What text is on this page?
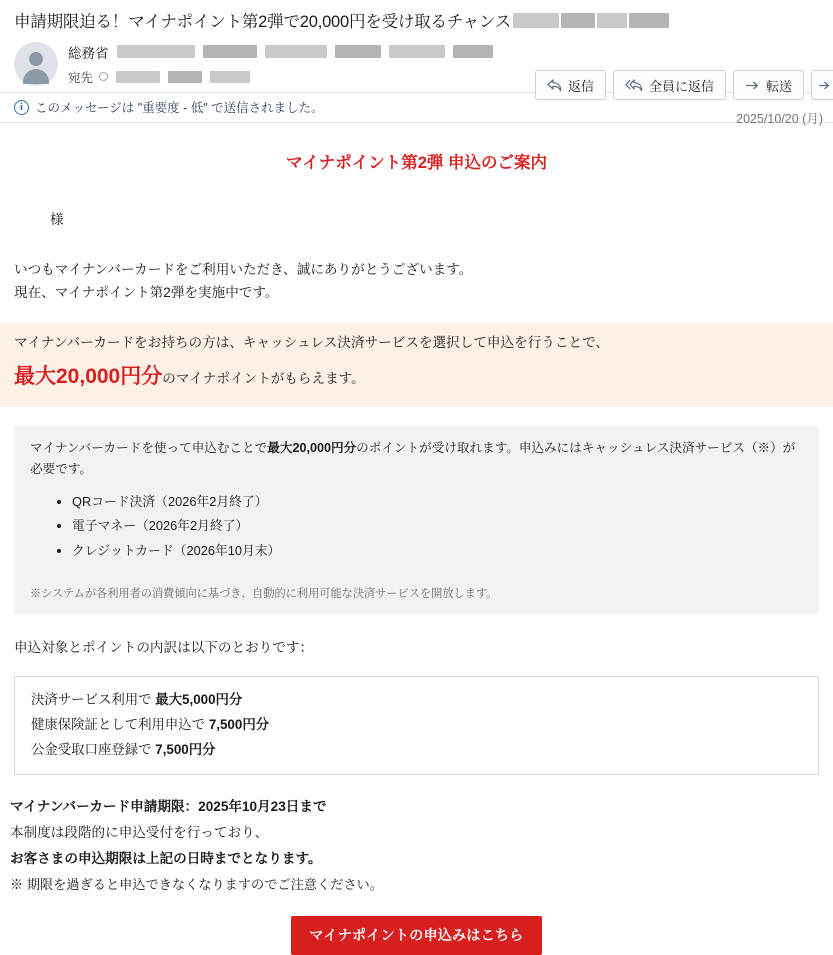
申請期限迫る！マイナポイント第2弾で20,000円を受け取るチャンス
総務省
宛先
返信	全員に返信	転送
2025/10/20 (月)
i このメッセージは "重要度 - 低" で送信されました。
マイナポイント第2弾 申込のご案内
様
いつもマイナンバーカードをご利用いただき、誠にありがとうございます。
現在、マイナポイント第2弾を実施中です。
マイナンバーカードをお持ちの方は、キャッシュレス決済サービスを選択して申込を行うことで、
最大20,000円分のマイナポイントがもらえます。
マイナンバーカードを使って申込むことで最大20,000円分のポイントが受け取れます。申込みにはキャッシュレス決済サービス（※）が必要です。
• QRコード決済（2026年2月終了）
• 電子マネー（2026年2月終了）
• クレジットカード（2026年10月末）
※システムが各利用者の消費傾向に基づき、自動的に利用可能な決済サービスを開放します。
申込対象とポイントの内訳は以下のとおりです：
決済サービス利用で 最大5,000円分
健康保険証として利用申込で 7,500円分
公金受取口座登録で 7,500円分
マイナンバーカード申請期限：2025年10月23日まで
本制度は段階的に申込受付を行っており、
お客さまの申込期限は上記の日時までとなります。
※ 期限を過ぎると申込できなくなりますのでご注意ください。
マイナポイントの申込みはこちら
